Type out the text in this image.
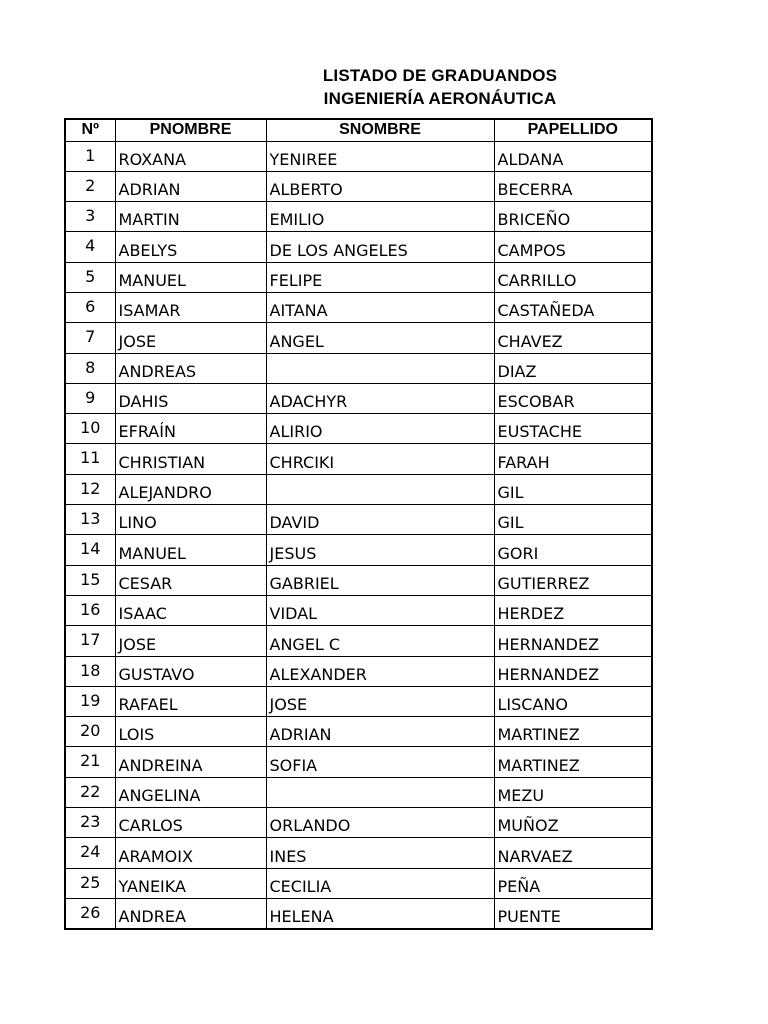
LISTADO DE GRADUANDOS
INGENIERÍA AERONÁUTICA
Nº	PNOMBRE	SNOMBRE	PAPELLIDO
1	ROXANA	YENIREE	ALDANA
2	ADRIAN	ALBERTO	BECERRA
3	MARTIN	EMILIO	BRICEÑO
4	ABELYS	DE LOS ANGELES	CAMPOS
5	MANUEL	FELIPE	CARRILLO
6	ISAMAR	AITANA	CASTAÑEDA
7	JOSE	ANGEL	CHAVEZ
8	ANDREAS		DIAZ
9	DAHIS	ADACHYR	ESCOBAR
10	EFRAÍN	ALIRIO	EUSTACHE
11	CHRISTIAN	CHRCIKI	FARAH
12	ALEJANDRO		GIL
13	LINO	DAVID	GIL
14	MANUEL	JESUS	GORI
15	CESAR	GABRIEL	GUTIERREZ
16	ISAAC	VIDAL	HERDEZ
17	JOSE	ANGEL C	HERNANDEZ
18	GUSTAVO	ALEXANDER	HERNANDEZ
19	RAFAEL	JOSE	LISCANO
20	LOIS	ADRIAN	MARTINEZ
21	ANDREINA	SOFIA	MARTINEZ
22	ANGELINA		MEZU
23	CARLOS	ORLANDO	MUÑOZ
24	ARAMOIX	INES	NARVAEZ
25	YANEIKA	CECILIA	PEÑA
26	ANDREA	HELENA	PUENTE
